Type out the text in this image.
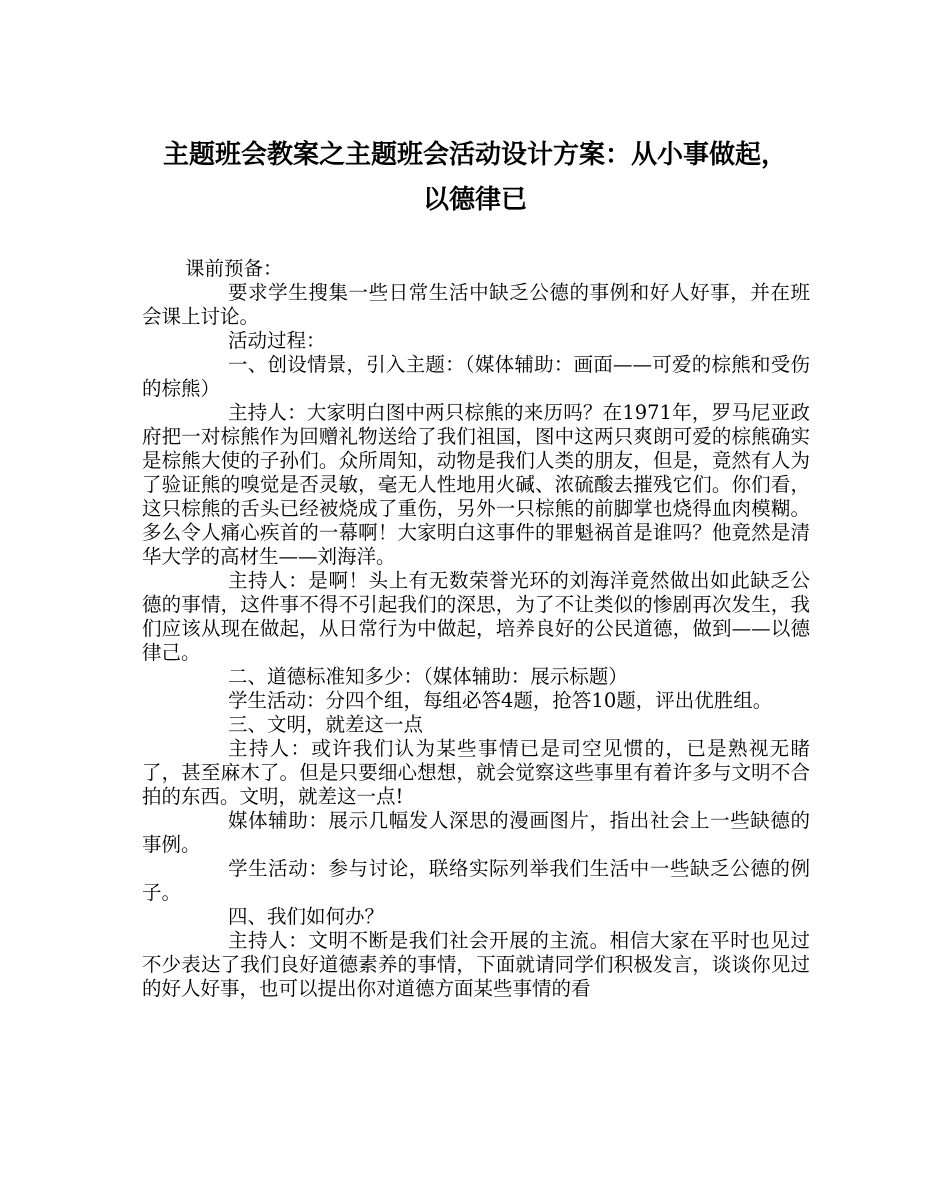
主题班会教案之主题班会活动设计方案：从小事做起，
以德律已

课前预备：

要求学生搜集一些日常生活中缺乏公德的事例和好人好事，并在班会课上讨论。

活动过程：

一、创设情景，引入主题：（媒体辅助：画面——可爱的棕熊和受伤的棕熊）

主持人：大家明白图中两只棕熊的来历吗？在1971年，罗马尼亚政府把一对棕熊作为回赠礼物送给了我们祖国，图中这两只爽朗可爱的棕熊确实是棕熊大使的子孙们。众所周知，动物是我们人类的朋友，但是，竟然有人为了验证熊的嗅觉是否灵敏，毫无人性地用火碱、浓硫酸去摧残它们。你们看，这只棕熊的舌头已经被烧成了重伤，另外一只棕熊的前脚掌也烧得血肉模糊。多么令人痛心疾首的一幕啊！大家明白这事件的罪魁祸首是谁吗？他竟然是清华大学的高材生——刘海洋。

主持人：是啊！头上有无数荣誉光环的刘海洋竟然做出如此缺乏公德的事情，这件事不得不引起我们的深思，为了不让类似的惨剧再次发生，我们应该从现在做起，从日常行为中做起，培养良好的公民道德，做到——以德律己。

二、道德标准知多少：（媒体辅助：展示标题）

学生活动：分四个组，每组必答4题，抢答10题，评出优胜组。

三、文明，就差这一点

主持人：或许我们认为某些事情已是司空见惯的，已是熟视无睹了，甚至麻木了。但是只要细心想想，就会觉察这些事里有着许多与文明不合拍的东西。文明，就差这一点!

媒体辅助：展示几幅发人深思的漫画图片，指出社会上一些缺德的事例。

学生活动：参与讨论，联络实际列举我们生活中一些缺乏公德的例子。

四、我们如何办？

主持人：文明不断是我们社会开展的主流。相信大家在平时也见过不少表达了我们良好道德素养的事情，下面就请同学们积极发言，谈谈你见过的好人好事，也可以提出你对道德方面某些事情的看
